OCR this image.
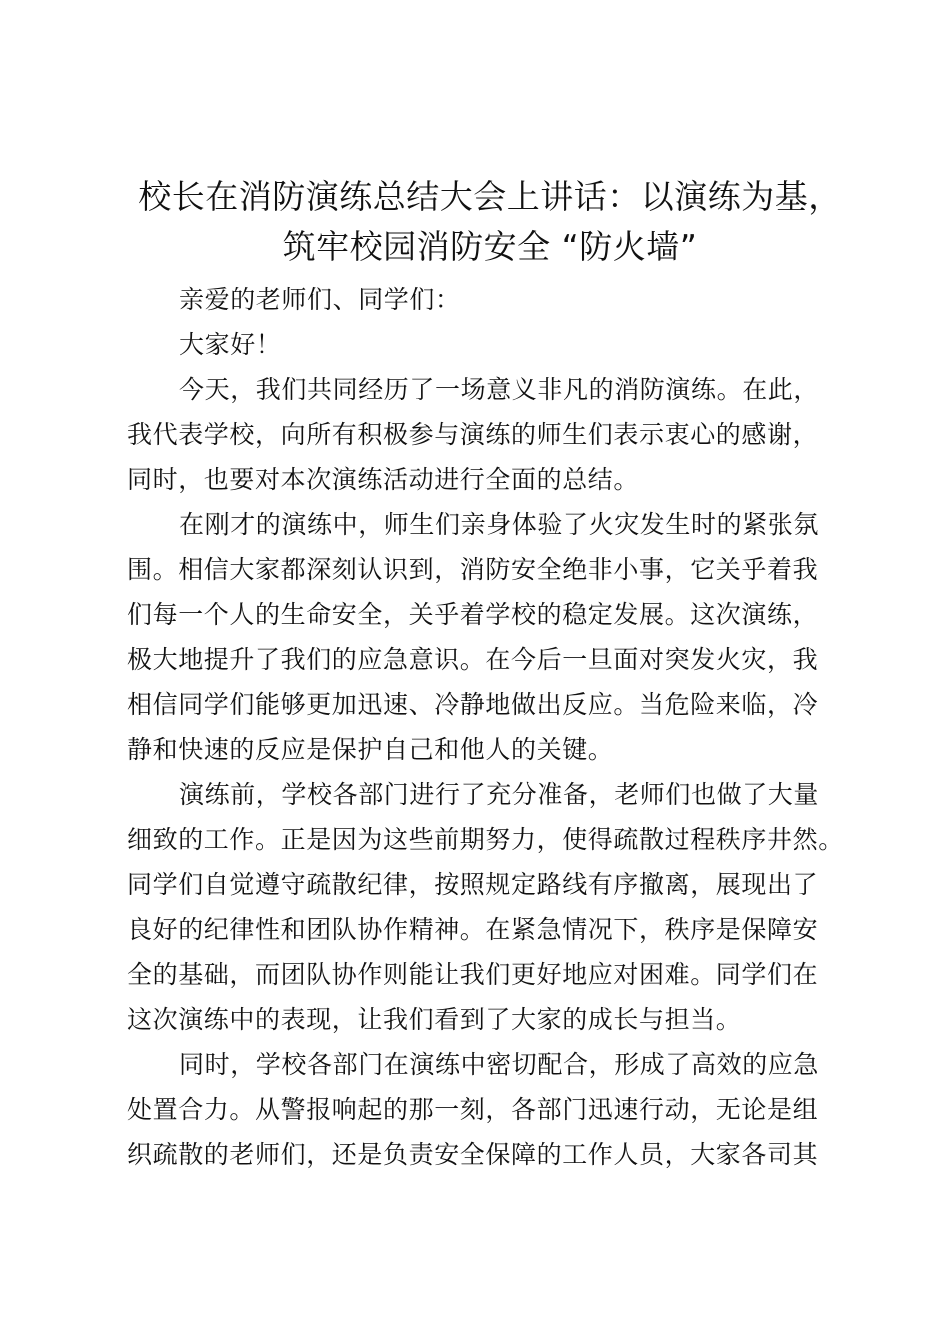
校长在消防演练总结大会上讲话：以演练为基，
筑牢校园消防安全 “防火墙”

亲爱的老师们、同学们：

大家好！

今天，我们共同经历了一场意义非凡的消防演练。在此，
我代表学校，向所有积极参与演练的师生们表示衷心的感谢，
同时，也要对本次演练活动进行全面的总结。

在刚才的演练中，师生们亲身体验了火灾发生时的紧张氛
围。相信大家都深刻认识到，消防安全绝非小事，它关乎着我
们每一个人的生命安全，关乎着学校的稳定发展。这次演练，
极大地提升了我们的应急意识。在今后一旦面对突发火灾，我
相信同学们能够更加迅速、冷静地做出反应。当危险来临，冷
静和快速的反应是保护自己和他人的关键。

演练前，学校各部门进行了充分准备，老师们也做了大量
细致的工作。正是因为这些前期努力，使得疏散过程秩序井然。
同学们自觉遵守疏散纪律，按照规定路线有序撤离，展现出了
良好的纪律性和团队协作精神。在紧急情况下，秩序是保障安
全的基础，而团队协作则能让我们更好地应对困难。同学们在
这次演练中的表现，让我们看到了大家的成长与担当。

同时，学校各部门在演练中密切配合，形成了高效的应急
处置合力。从警报响起的那一刻，各部门迅速行动，无论是组
织疏散的老师们，还是负责安全保障的工作人员，大家各司其
